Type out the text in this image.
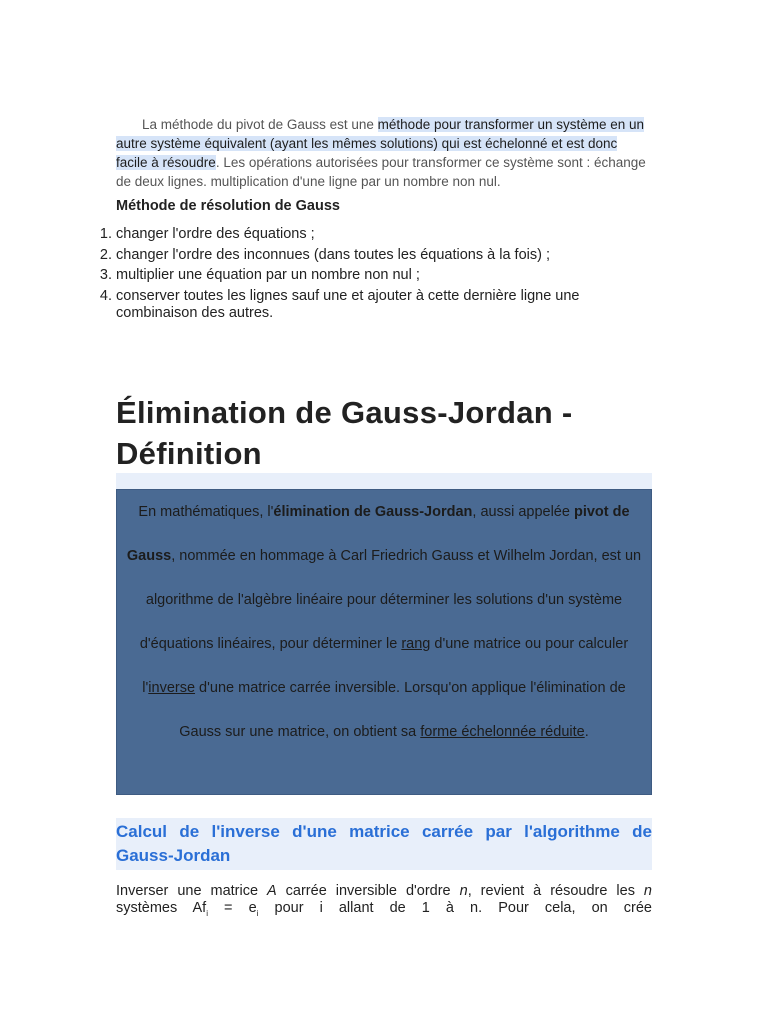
La méthode du pivot de Gauss est une méthode pour transformer un système en un autre système équivalent (ayant les mêmes solutions) qui est échelonné et est donc facile à résoudre. Les opérations autorisées pour transformer ce système sont : échange de deux lignes. multiplication d'une ligne par un nombre non nul.
Méthode de résolution de Gauss
1. changer l'ordre des équations ;
2. changer l'ordre des inconnues (dans toutes les équations à la fois) ;
3. multiplier une équation par un nombre non nul ;
4. conserver toutes les lignes sauf une et ajouter à cette dernière ligne une combinaison des autres.
Élimination de Gauss-Jordan - Définition

En mathématiques, l'élimination de Gauss-Jordan, aussi appelée pivot de Gauss, nommée en hommage à Carl Friedrich Gauss et Wilhelm Jordan, est un algorithme de l'algèbre linéaire pour déterminer les solutions d'un système d'équations linéaires, pour déterminer le rang d'une matrice ou pour calculer l'inverse d'une matrice carrée inversible. Lorsqu'on applique l'élimination de Gauss sur une matrice, on obtient sa forme échelonnée réduite.

Calcul de l'inverse d'une matrice carrée par l'algorithme de Gauss-Jordan
Inverser une matrice A carrée inversible d'ordre n, revient à résoudre les n systèmes $Af_i = e_i$ pour i allant de 1 à n. Pour cela, on crée
